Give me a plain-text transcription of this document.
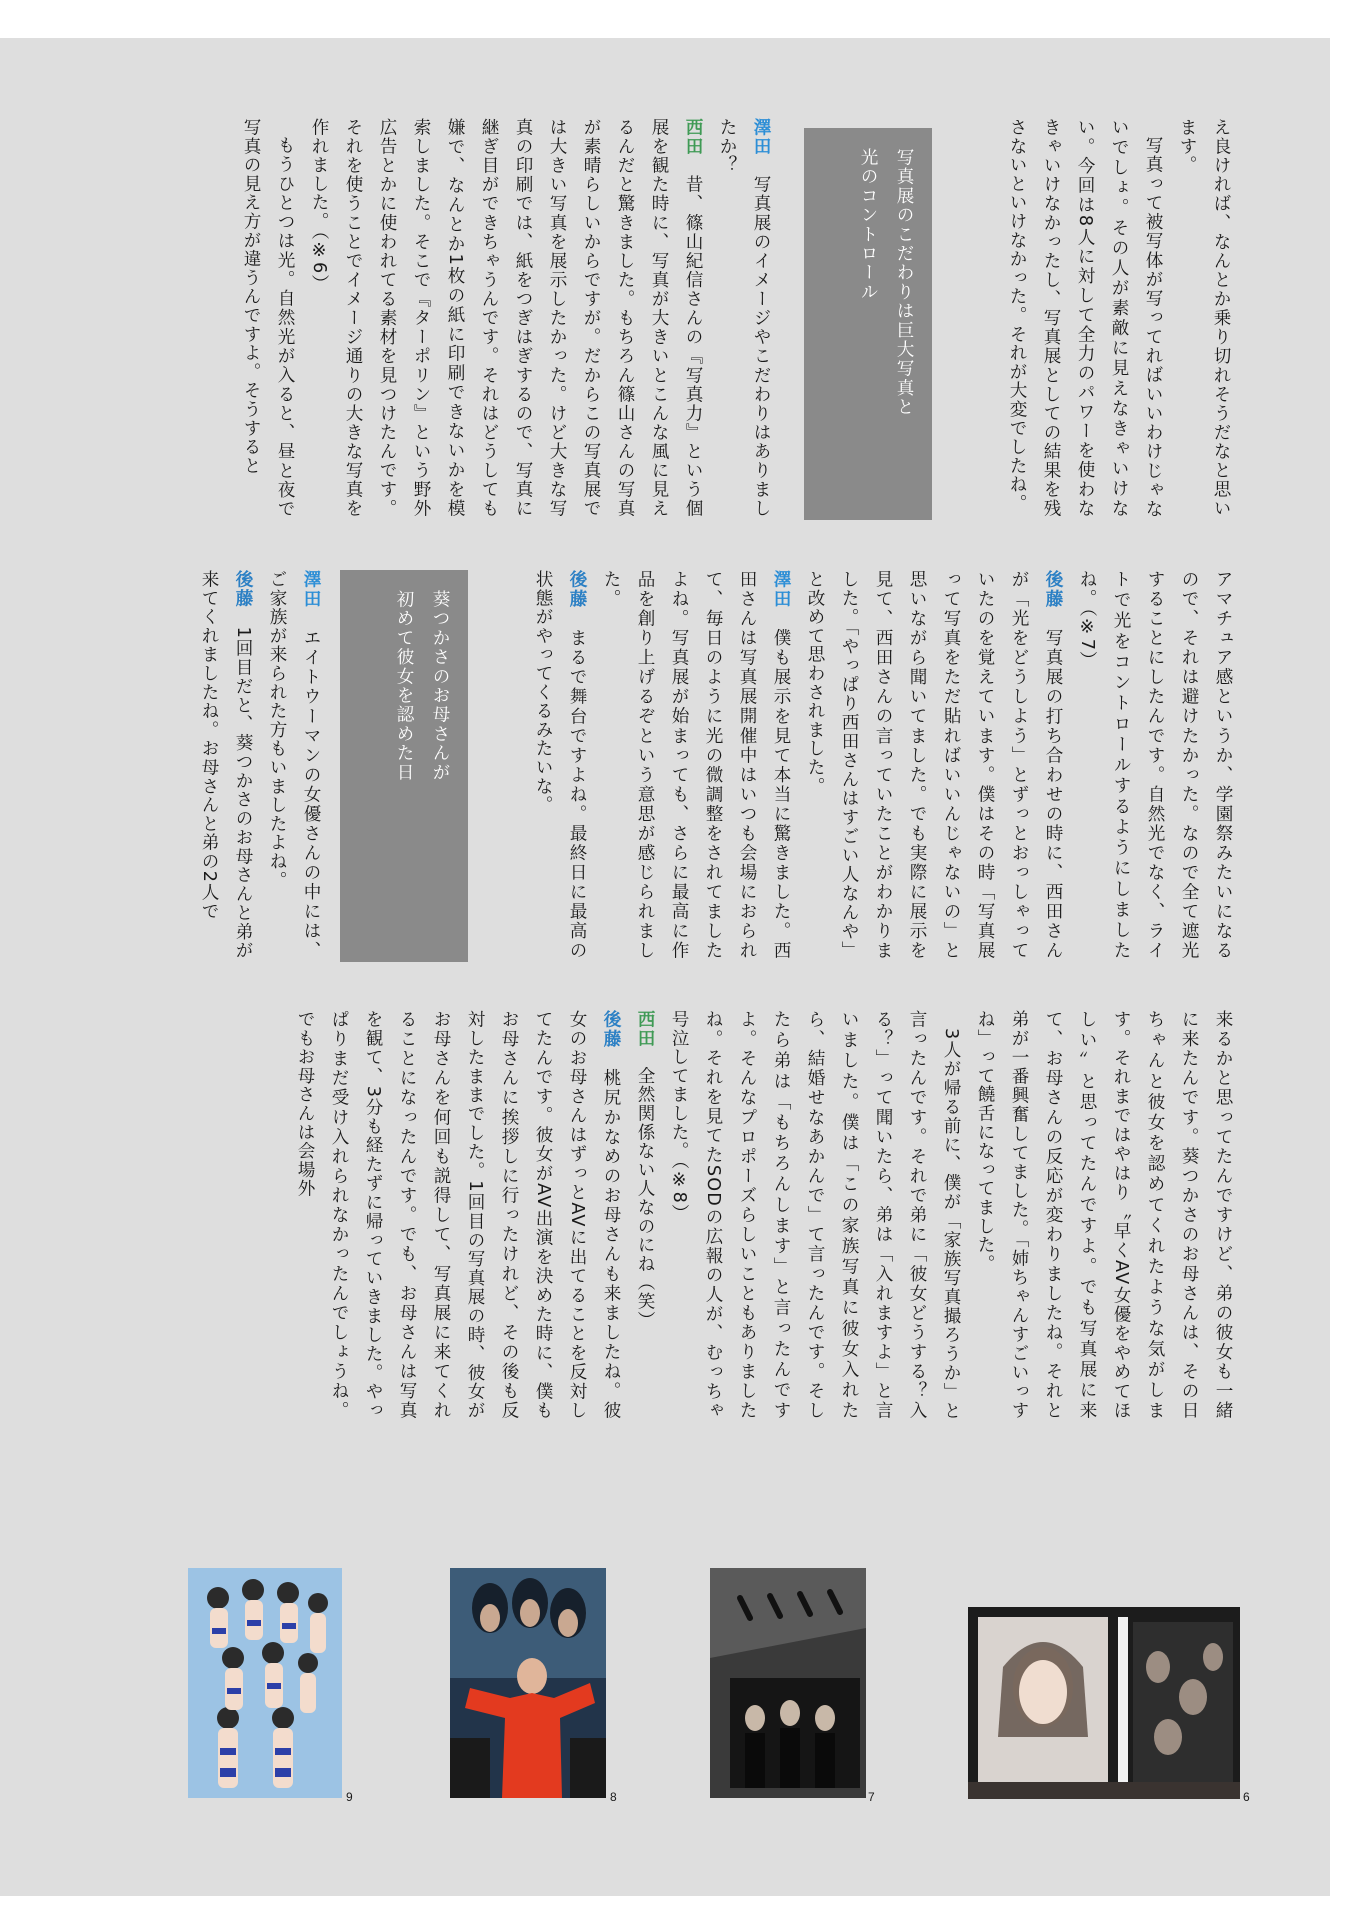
え良ければ、なんとか乗り切れそうだなと思います。

写真って被写体が写ってればいいわけじゃないでしょ。その人が素敵に見えなきゃいけない。今回は8人に対して全力のパワーを使わなきゃいけなかったし、写真展としての結果を残さないといけなかった。それが大変でしたね。

写真展のこだわりは巨大写真と
光のコントロール

澤田　写真展のイメージやこだわりはありましたか？

西田　昔、篠山紀信さんの『写真力』という個展を観た時に、写真が大きいとこんな風に見えるんだと驚きました。もちろん篠山さんの写真が素晴らしいからですが。だからこの写真展では大きい写真を展示したかった。けど大きな写真の印刷では、紙をつぎはぎするので、写真に継ぎ目ができちゃうんです。それはどうしても嫌で、なんとか1枚の紙に印刷できないかを模索しました。そこで『ターポリン』という野外広告とかに使われてる素材を見つけたんです。それを使うことでイメージ通りの大きな写真を作れました。（※6）

もうひとつは光。自然光が入ると、昼と夜で写真の見え方が違うんですよ。そうすると

アマチュア感というか、学園祭みたいになるので、それは避けたかった。なので全て遮光することにしたんです。自然光でなく、ライトで光をコントロールするようにしましたね。（※7）

後藤　写真展の打ち合わせの時に、西田さんが「光をどうしよう」とずっとおっしゃっていたのを覚えています。僕はその時「写真展って写真をただ貼ればいいんじゃないの」と思いながら聞いてました。でも実際に展示を見て、西田さんの言っていたことがわかりました。「やっぱり西田さんはすごい人なんや」と改めて思わされました。

澤田　僕も展示を見て本当に驚きました。西田さんは写真展開催中はいつも会場におられて、毎日のように光の微調整をされてましたよね。写真展が始まっても、さらに最高に作品を創り上げるぞという意思が感じられました。

後藤　まるで舞台ですよね。最終日に最高の状態がやってくるみたいな。

葵つかさのお母さんが
初めて彼女を認めた日

澤田　エイトウーマンの女優さんの中には、ご家族が来られた方もいましたよね。

後藤　1回目だと、葵つかさのお母さんと弟が来てくれましたね。お母さんと弟の2人で

来るかと思ってたんですけど、弟の彼女も一緒に来たんです。葵つかさのお母さんは、その日ちゃんと彼女を認めてくれたような気がします。それまではやはり〝早くAV女優をやめてほしい〟と思ってたんですよ。でも写真展に来て、お母さんの反応が変わりましたね。それと弟が一番興奮してました。「姉ちゃんすごいっすね」って饒舌になってました。

3人が帰る前に、僕が「家族写真撮ろうか」と言ったんです。それで弟に「彼女どうする？入る？」って聞いたら、弟は「入れますよ」と言いました。僕は「この家族写真に彼女入れたら、結婚せなあかんで」て言ったんです。そしたら弟は「もちろんします」と言ったんですよ。そんなプロポーズらしいこともありましたね。それを見てたSODの広報の人が、むっちゃ号泣してました。（※8）

西田　全然関係ない人なのにね（笑）

後藤　桃尻かなめのお母さんも来ましたね。彼女のお母さんはずっとAVに出てることを反対してたんです。彼女がAV出演を決めた時に、僕もお母さんに挨拶しに行ったけれど、その後も反対したままでした。1回目の写真展の時、彼女がお母さんを何回も説得して、写真展に来てくれることになったんです。でも、お母さんは写真を観て、3分も経たずに帰っていきました。やっぱりまだ受け入れられなかったんでしょうね。でもお母さんは会場外

9	8	7	6
